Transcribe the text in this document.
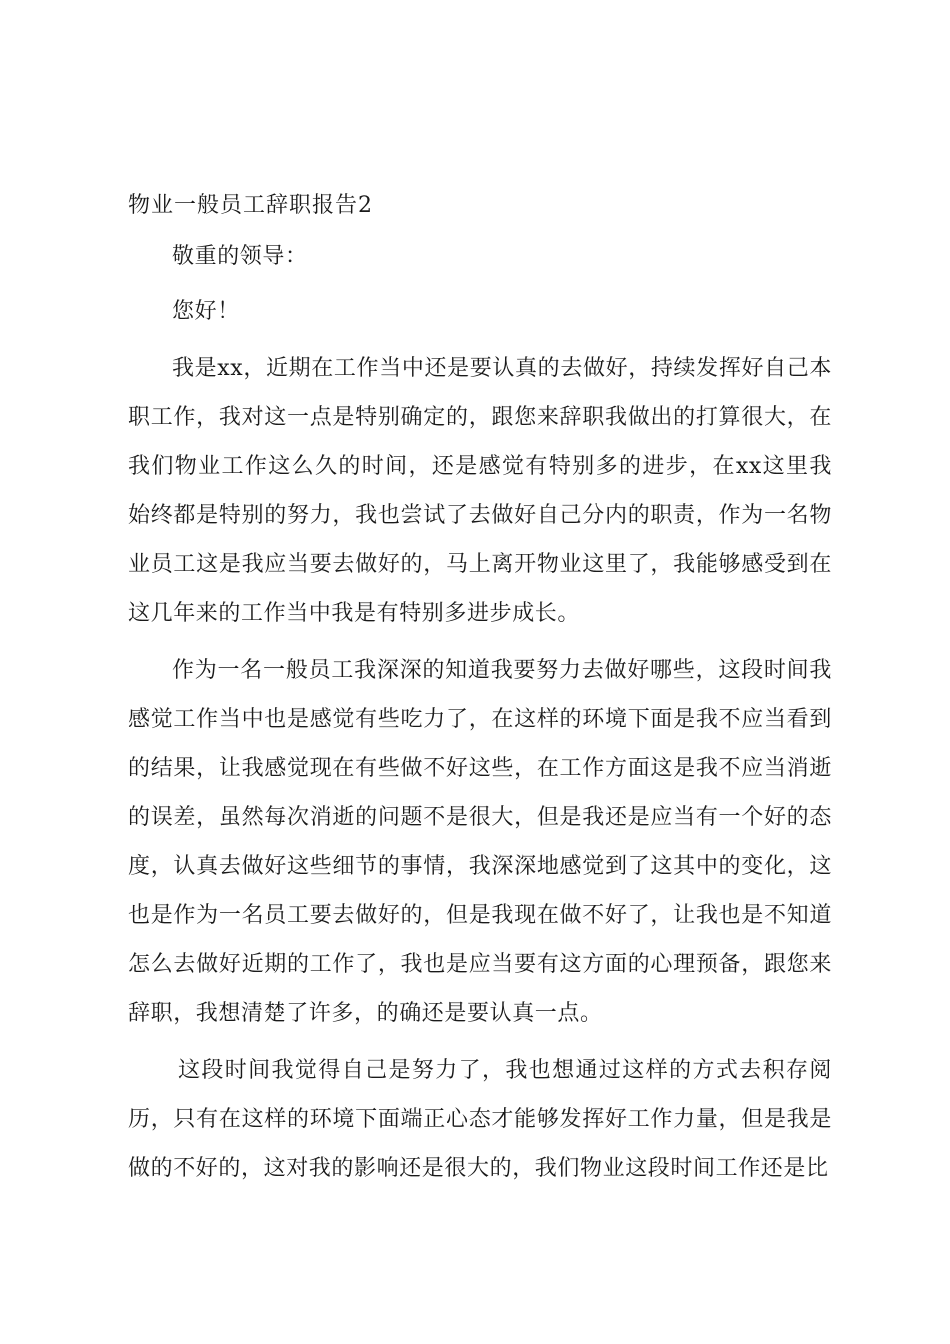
物业一般员工辞职报告2

敬重的领导：

您好！

我是xx，近期在工作当中还是要认真的去做好，持续发挥好自己本职工作，我对这一点是特别确定的，跟您来辞职我做出的打算很大，在我们物业工作这么久的时间，还是感觉有特别多的进步，在xx这里我始终都是特别的努力，我也尝试了去做好自己分内的职责，作为一名物业员工这是我应当要去做好的，马上离开物业这里了，我能够感受到在这几年来的工作当中我是有特别多进步成长。

作为一名一般员工我深深的知道我要努力去做好哪些，这段时间我感觉工作当中也是感觉有些吃力了，在这样的环境下面是我不应当看到的结果，让我感觉现在有些做不好这些，在工作方面这是我不应当消逝的误差，虽然每次消逝的问题不是很大，但是我还是应当有一个好的态度，认真去做好这些细节的事情，我深深地感觉到了这其中的变化，这也是作为一名员工要去做好的，但是我现在做不好了，让我也是不知道怎么去做好近期的工作了，我也是应当要有这方面的心理预备，跟您来辞职，我想清楚了许多，的确还是要认真一点。

这段时间我觉得自己是努力了，我也想通过这样的方式去积存阅历，只有在这样的环境下面端正心态才能够发挥好工作力量，但是我是做的不好的，这对我的影响还是很大的，我们物业这段时间工作还是比
